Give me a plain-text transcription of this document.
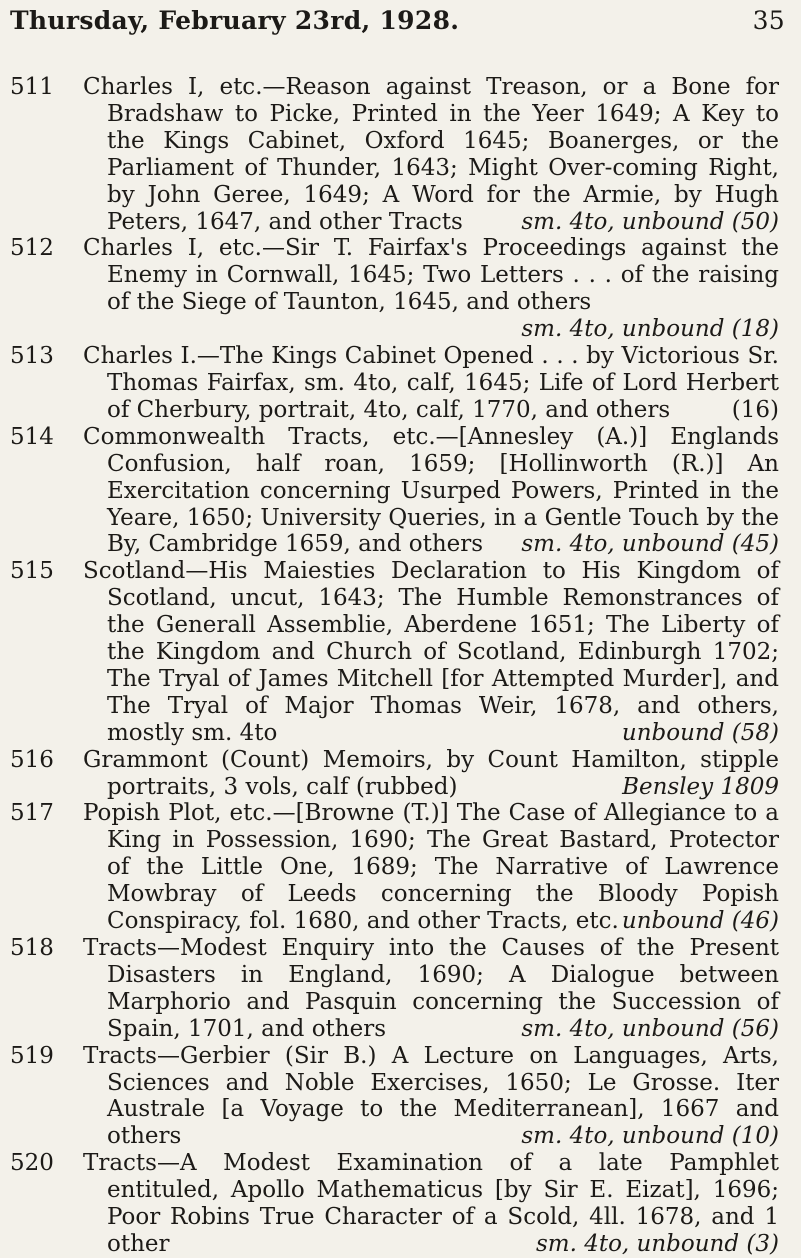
Thursday, February 23rd, 1928.	35
511 Charles I, etc.—Reason against Treason, or a Bone for Bradshaw to Picke, Printed in the Yeer 1649; A Key to the Kings Cabinet, Oxford 1645; Boanerges, or the Parliament of Thunder, 1643; Might Over-coming Right, by John Geree, 1649; A Word for the Armie, by Hugh Peters, 1647, and other Tracts	sm. 4to, unbound (50)
512 Charles I, etc.—Sir T. Fairfax's Proceedings against the Enemy in Cornwall, 1645; Two Letters . . . of the raising of the Siege of Taunton, 1645, and others
sm. 4to, unbound (18)
513 Charles I.—The Kings Cabinet Opened . . . by Victorious Sr. Thomas Fairfax, sm. 4to, calf, 1645; Life of Lord Herbert of Cherbury, portrait, 4to, calf, 1770, and others	(16)
514 Commonwealth Tracts, etc.—[Annesley (A.)] Englands Confusion, half roan, 1659; [Hollinworth (R.)] An Exercitation concerning Usurped Powers, Printed in the Yeare, 1650; University Queries, in a Gentle Touch by the By, Cambridge 1659, and others sm. 4to, unbound (45)
515 Scotland—His Maiesties Declaration to His Kingdom of Scotland, uncut, 1643; The Humble Remonstrances of the Generall Assemblie, Aberdene 1651; The Liberty of the Kingdom and Church of Scotland, Edinburgh 1702; The Tryal of James Mitchell [for Attempted Murder], and The Tryal of Major Thomas Weir, 1678, and others, mostly sm. 4to	unbound (58)
516 Grammont (Count) Memoirs, by Count Hamilton, stipple portraits, 3 vols, calf (rubbed)	Bensley 1809
517 Popish Plot, etc.—[Browne (T.)] The Case of Allegiance to a King in Possession, 1690; The Great Bastard, Protector of the Little One, 1689; The Narrative of Lawrence Mowbray of Leeds concerning the Bloody Popish Conspiracy, fol. 1680, and other Tracts, etc. unbound (46)
518 Tracts—Modest Enquiry into the Causes of the Present Disasters in England, 1690; A Dialogue between Marphorio and Pasquin concerning the Succession of Spain, 1701, and others	sm. 4to, unbound (56)
519 Tracts—Gerbier (Sir B.) A Lecture on Languages, Arts, Sciences and Noble Exercises, 1650; Le Grosse. Iter Australe [a Voyage to the Mediterranean], 1667 and others	sm. 4to, unbound (10)
520 Tracts—A Modest Examination of a late Pamphlet entituled, Apollo Mathematicus [by Sir E. Eizat], 1696; Poor Robins True Character of a Scold, 4ll. 1678, and 1 other	sm. 4to, unbound (3)
